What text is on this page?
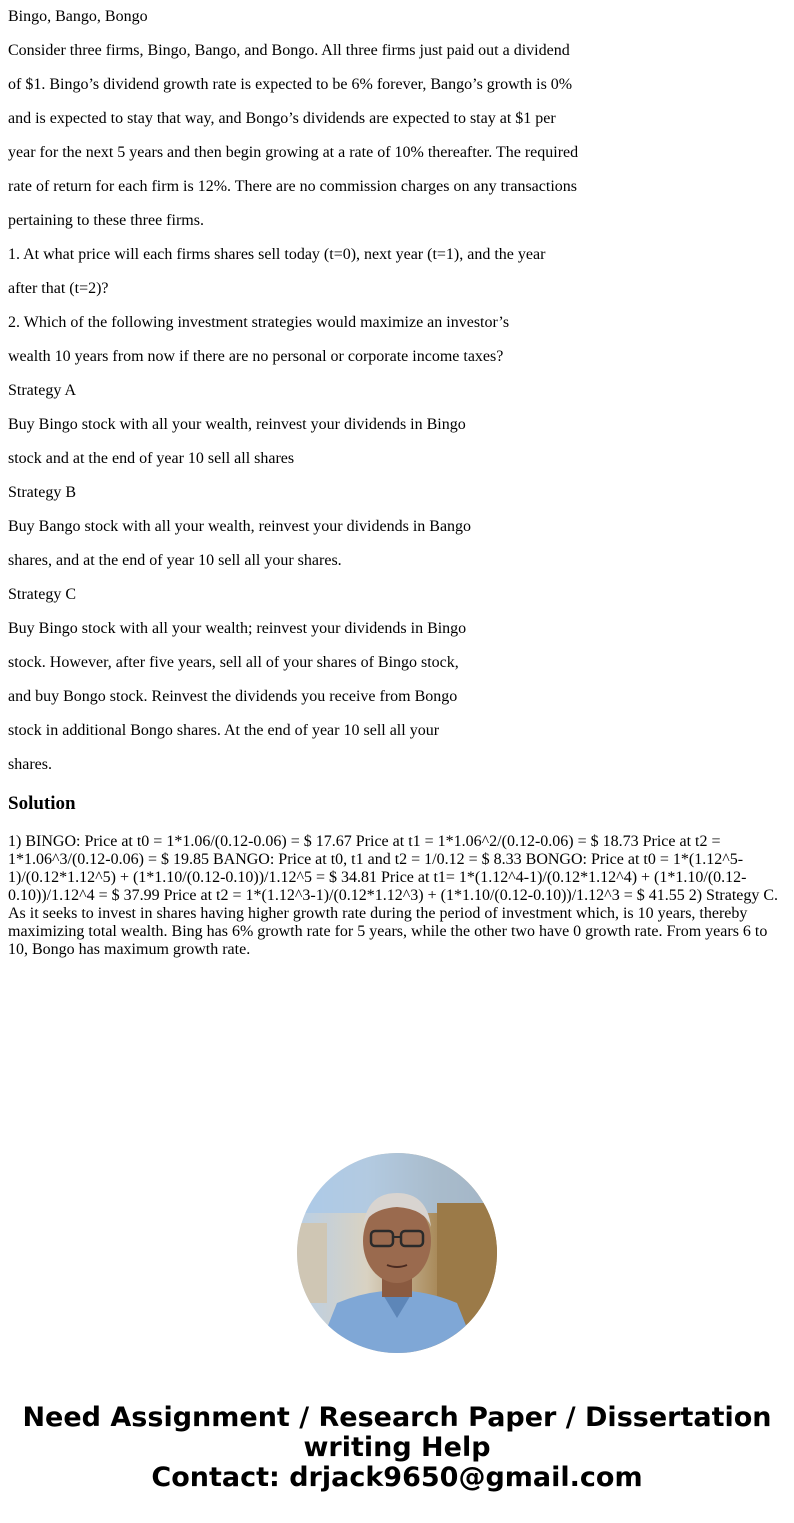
Bingo, Bango, Bongo
Consider three firms, Bingo, Bango, and Bongo. All three firms just paid out a dividend
of $1. Bingo’s dividend growth rate is expected to be 6% forever, Bango’s growth is 0%
and is expected to stay that way, and Bongo’s dividends are expected to stay at $1 per
year for the next 5 years and then begin growing at a rate of 10% thereafter. The required
rate of return for each firm is 12%. There are no commission charges on any transactions
pertaining to these three firms.
1. At what price will each firms shares sell today (t=0), next year (t=1), and the year
after that (t=2)?
2. Which of the following investment strategies would maximize an investor’s
wealth 10 years from now if there are no personal or corporate income taxes?
Strategy A
Buy Bingo stock with all your wealth, reinvest your dividends in Bingo
stock and at the end of year 10 sell all shares
Strategy B
Buy Bango stock with all your wealth, reinvest your dividends in Bango
shares, and at the end of year 10 sell all your shares.
Strategy C
Buy Bingo stock with all your wealth; reinvest your dividends in Bingo
stock. However, after five years, sell all of your shares of Bingo stock,
and buy Bongo stock. Reinvest the dividends you receive from Bongo
stock in additional Bongo shares. At the end of year 10 sell all your
shares.
Solution

1) BINGO: Price at t0 = 1*1.06/(0.12-0.06) = $ 17.67 Price at t1 = 1*1.06^2/(0.12-0.06) = $ 18.73 Price at t2 = 1*1.06^3/(0.12-0.06) = $ 19.85 BANGO: Price at t0, t1 and t2 = 1/0.12 = $ 8.33 BONGO: Price at t0 = 1*(1.12^5-1)/(0.12*1.12^5) + (1*1.10/(0.12-0.10))/1.12^5 = $ 34.81 Price at t1= 1*(1.12^4-1)/(0.12*1.12^4) + (1*1.10/(0.12-0.10))/1.12^4 = $ 37.99 Price at t2 = 1*(1.12^3-1)/(0.12*1.12^3) + (1*1.10/(0.12-0.10))/1.12^3 = $ 41.55 2) Strategy C. As it seeks to invest in shares having higher growth rate during the period of investment which, is 10 years, thereby maximizing total wealth. Bing has 6% growth rate for 5 years, while the other two have 0 growth rate. From years 6 to 10, Bongo has maximum growth rate.

Need Assignment / Research Paper / Dissertation
writing Help
Contact: drjack9650@gmail.com
